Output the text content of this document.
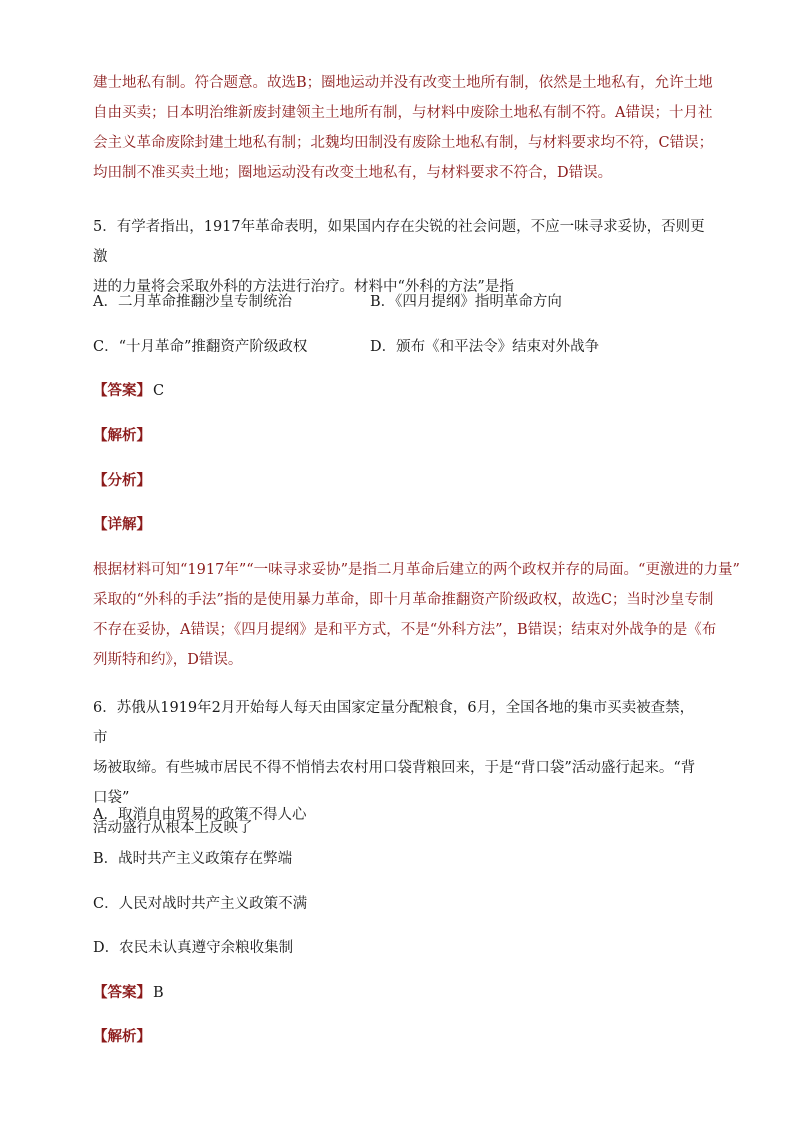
建士地私有制。符合题意。故选B；圈地运动并没有改变土地所有制，依然是土地私有，允许土地
自由买卖；日本明治维新废封建领主土地所有制，与材料中废除土地私有制不符。A错误；十月社
会主义革命废除封建土地私有制；北魏均田制没有废除土地私有制，与材料要求均不符，C错误；
均田制不准买卖土地；圈地运动没有改变土地私有，与材料要求不符合，D错误。
5．有学者指出，1917年革命表明，如果国内存在尖锐的社会问题，不应一味寻求妥协，否则更激
进的力量将会采取外科的方法进行治疗。材料中“外科的方法”是指
A．二月革命推翻沙皇专制统治	B．《四月提纲》指明革命方向
C．“十月革命”推翻资产阶级政权	D．颁布《和平法令》结束对外战争
【答案】 C
【解析】
【分析】
【详解】
根据材料可知“1917年”“一味寻求妥协”是指二月革命后建立的两个政权并存的局面。“更激进的力量”
采取的“外科的手法”指的是使用暴力革命，即十月革命推翻资产阶级政权，故选C；当时沙皇专制
不存在妥协，A错误；《四月提纲》是和平方式，不是“外科方法”，B错误；结束对外战争的是《布
列斯特和约》，D错误。
6．苏俄从1919年2月开始每人每天由国家定量分配粮食，6月，全国各地的集市买卖被查禁，市
场被取缔。有些城市居民不得不悄悄去农村用口袋背粮回来，于是“背口袋”活动盛行起来。“背口袋”
活动盛行从根本上反映了
A．取消自由贸易的政策不得人心
B．战时共产主义政策存在弊端
C．人民对战时共产主义政策不满
D．农民未认真遵守余粮收集制
【答案】 B
【解析】
